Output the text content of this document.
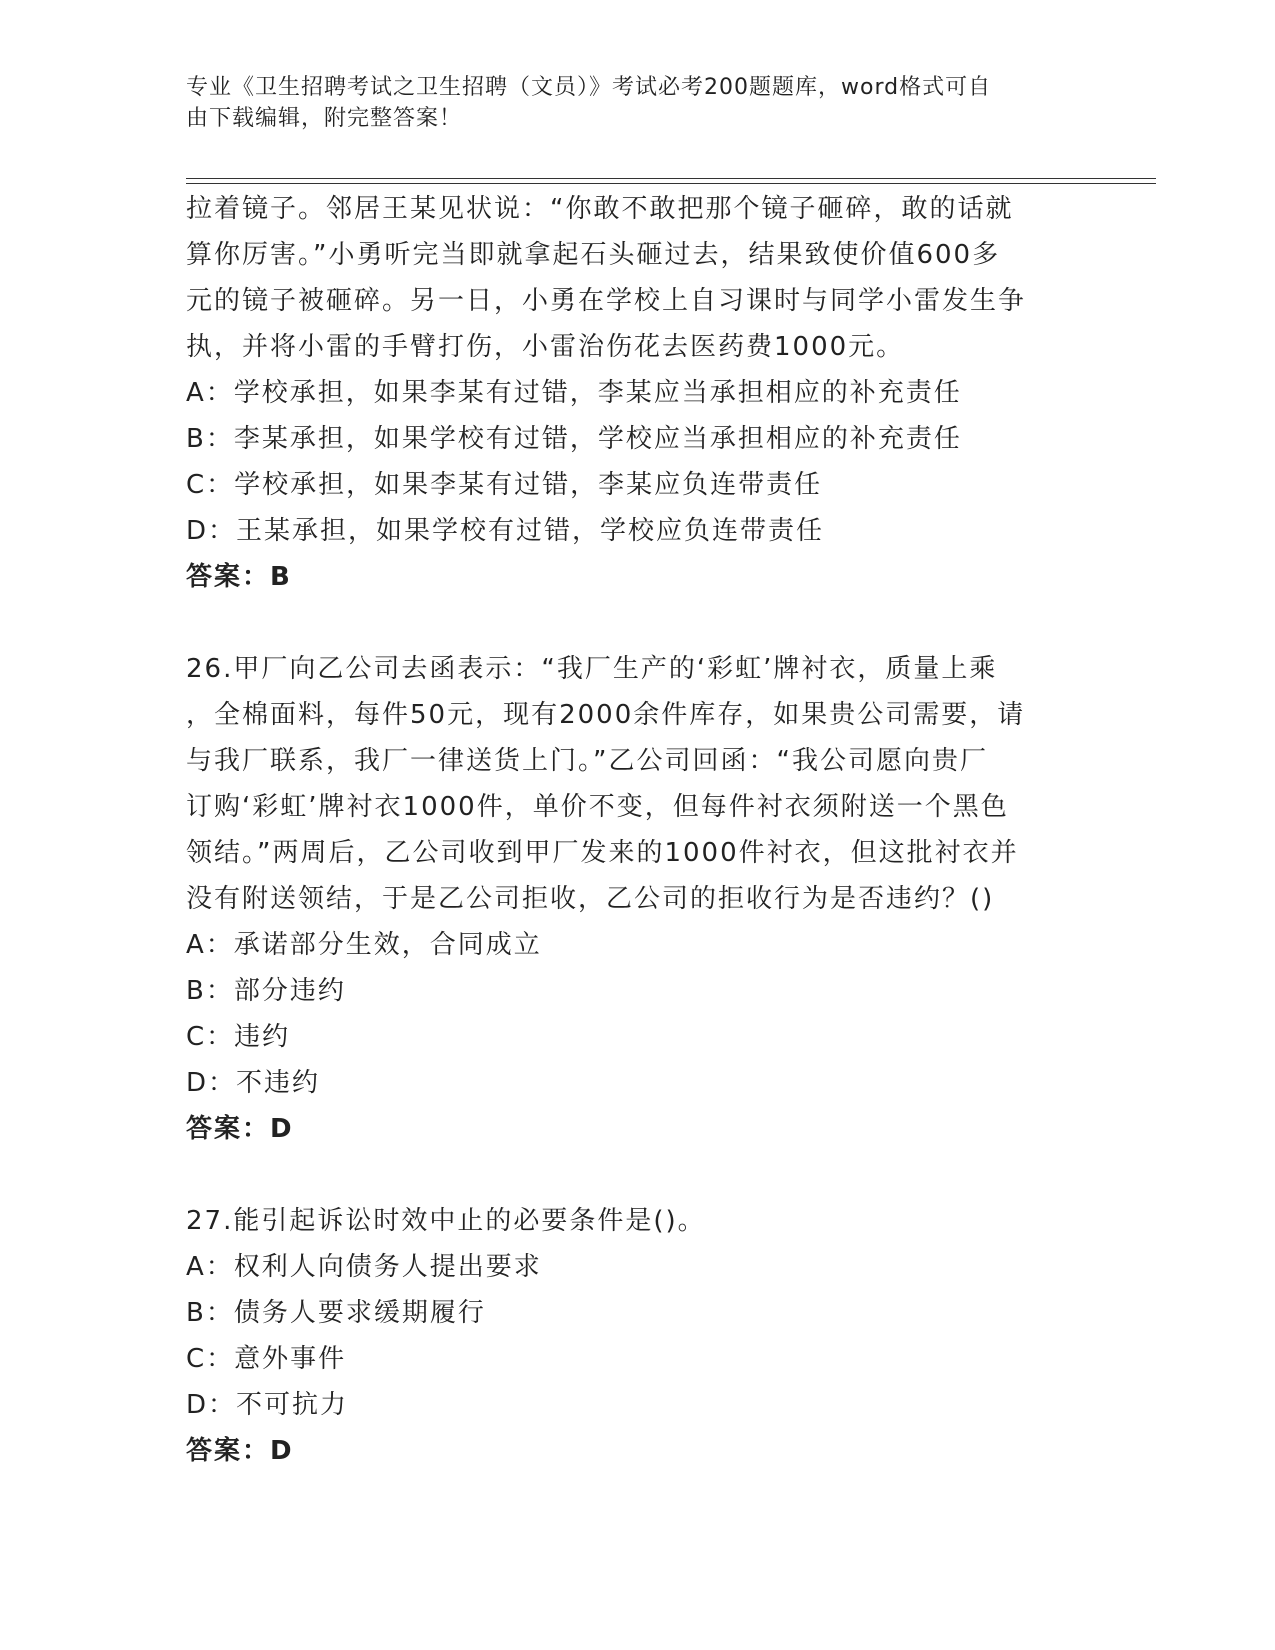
专业《卫生招聘考试之卫生招聘（文员）》考试必考200题题库，word格式可自
由下载编辑，附完整答案！
拉着镜子。邻居王某见状说：“你敢不敢把那个镜子砸碎，敢的话就
算你厉害。”小勇听完当即就拿起石头砸过去，结果致使价值600多
元的镜子被砸碎。另一日，小勇在学校上自习课时与同学小雷发生争
执，并将小雷的手臂打伤，小雷治伤花去医药费1000元。
A：学校承担，如果李某有过错，李某应当承担相应的补充责任
B：李某承担，如果学校有过错，学校应当承担相应的补充责任
C：学校承担，如果李某有过错，李某应负连带责任
D：王某承担，如果学校有过错，学校应负连带责任
答案：B
26.甲厂向乙公司去函表示：“我厂生产的‘彩虹’牌衬衣，质量上乘
，全棉面料，每件50元，现有2000余件库存，如果贵公司需要，请
与我厂联系，我厂一律送货上门。”乙公司回函：“我公司愿向贵厂
订购‘彩虹’牌衬衣1000件，单价不变，但每件衬衣须附送一个黑色
领结。”两周后，乙公司收到甲厂发来的1000件衬衣，但这批衬衣并
没有附送领结，于是乙公司拒收，乙公司的拒收行为是否违约？()
A：承诺部分生效，合同成立
B：部分违约
C：违约
D：不违约
答案：D
27.能引起诉讼时效中止的必要条件是()。
A：权利人向债务人提出要求
B：债务人要求缓期履行
C：意外事件
D：不可抗力
答案：D
